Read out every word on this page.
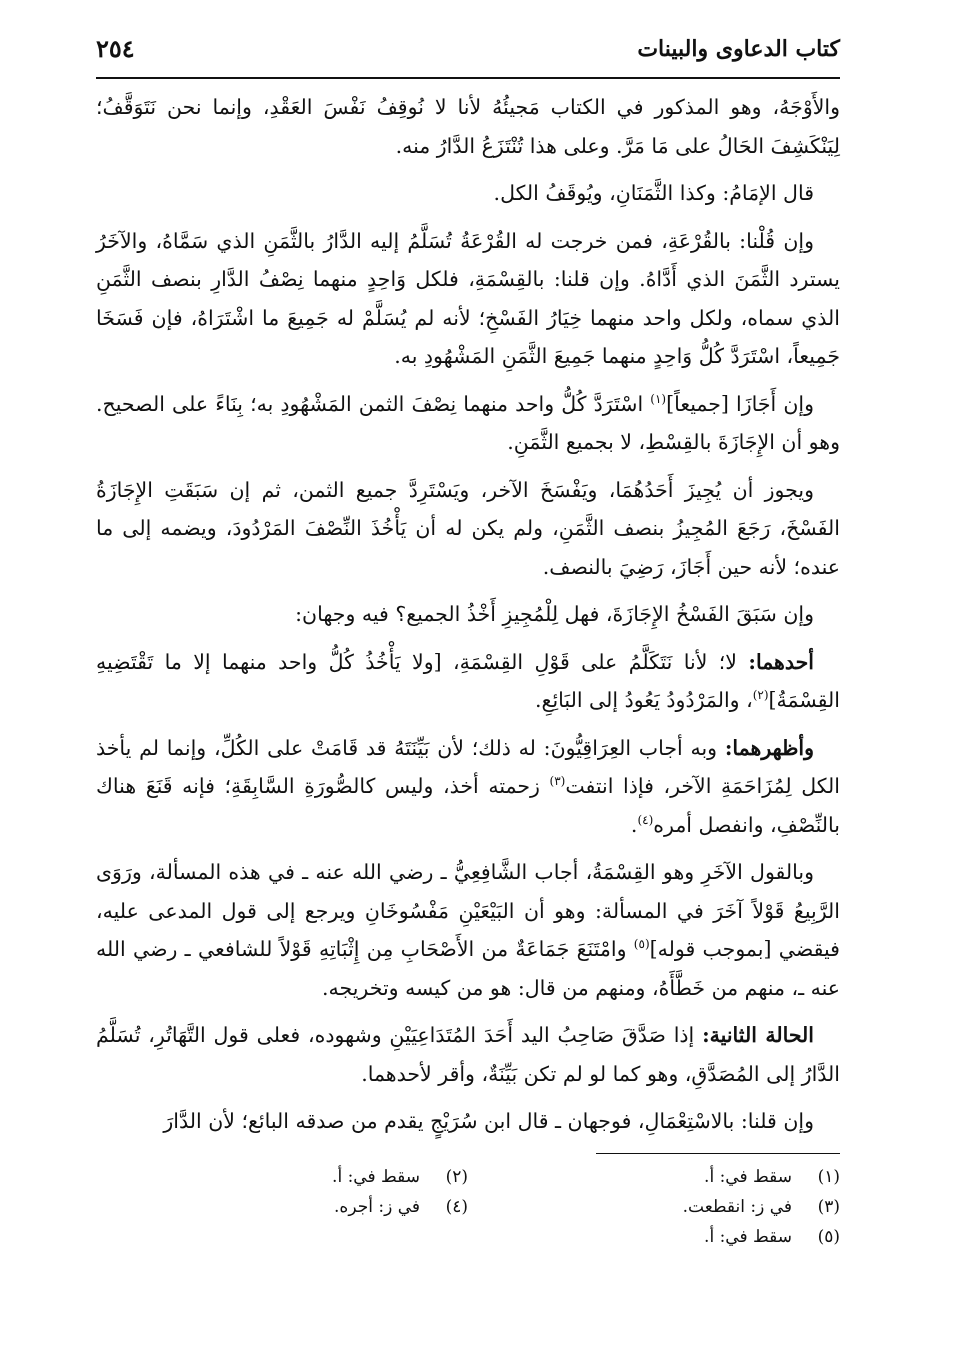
كتاب الدعاوى والبينات
٢٥٤

والأَوْجَهُ، وهو المذكور في الكتاب مَجيئُهُ لأنا لا نُوقِفُ نَفْسَ العَقْدِ، وإنما نحن نَتَوَقَّفُ؛ لِيَنْكَشِفَ الحَالُ على مَا مَرَّ. وعلى هذا تُنْتَزَعُ الدَّارُ منه.

قال الإمَامُ: وكذا الثَّمَنَانِ، ويُوقَفُ الكل.

وإن قُلْنا: بالقُرْعَةِ، فمن خرجت له القُرْعَةُ تُسَلَّمُ إليه الدَّارُ بالثَّمَنِ الذي سَمَّاهُ، والآخَرُ يسترد الثَّمَنَ الذي أَدَّاهُ. وإن قلنا: بالقِسْمَةِ، فلكل وَاحِدٍ منهما نِصْفُ الدَّارِ بنصف الثَّمَنِ الذي سماه، ولكل واحد منهما خِيَارُ الفَسْخِ؛ لأنه لم يُسَلَّمْ له جَمِيعَ ما اشْتَرَاهُ، فإن فَسَخَا جَمِيعاً، اسْتَرَدَّ كُلُّ وَاحِدٍ منهما جَمِيعَ الثَّمَنِ المَشْهُودِ به.

وإن أَجَازَا [جميعاً]$^{(١)}$ اسْتَرَدَّ كُلُّ واحد منهما نِصْفَ الثمن المَشْهُودِ به؛ بِنَاءً على الصحيح. وهو أن الإِجَازَةَ بالقِسْطِ، لا بجميع الثَّمَنِ.

ويجوز أن يُجِيزَ أَحَدُهُمَا، ويَفْسَخَ الآخر، ويَسْتَرِدَّ جميع الثمن، ثم إن سَبَقَتِ الإِجَازَةُ الفَسْخَ، رَجَعَ المُجِيزُ بنصف الثَّمَنِ، ولم يكن له أن يَأْخُذَ النِّصْفَ المَرْدُودَ، ويضمه إلى ما عنده؛ لأنه حين أَجَازَ، رَضِيَ بالنصف.

وإن سَبَقَ الفَسْخُ الإِجَازَةَ، فهل لِلْمُجِيزِ أَخْذُ الجميع؟ فيه وجهان:

أحدهما: لا؛ لأنا نَتَكَلَّمُ على قَوْلِ القِسْمَةِ، [ولا يَأْخُذُ كُلُّ واحد منهما إلا ما تَقْتَضِيهِ القِسْمَةُ]$^{(٢)}$، والمَرْدُودُ يَعُودُ إلى البَائِعِ.

وأظهرهما: وبه أجاب العِرَاقِيُّونَ: له ذلك؛ لأن بَيِّنَتَهُ قد قَامَتْ على الكُلِّ، وإنما لم يأخذ الكل لِمُزَاحَمَةِ الآخر، فإذا انتفت$^{(٣)}$ زحمته أخذ، وليس كالصُّورَةِ السَّابِقَةِ؛ فإنه قَنَعَ هناك بالنِّصْفِ، وانفصل أمره$^{(٤)}$.

وبالقول الآخَرِ وهو القِسْمَةُ، أجاب الشَّافِعِيُّ ـ رضي الله عنه ـ في هذه المسألة، ورَوَى الرَّبِيعُ قَوْلاً آخَرَ في المسألة: وهو أن البَيْعَيْنِ مَفْسُوخَانِ ويرجع إلى قول المدعى عليه، فيقضي [بموجب قوله]$^{(٥)}$ وامْتَنَعَ جَمَاعَةٌ من الأَصْحَابِ مِن إِثْبَاتِهِ قَوْلاً للشافعي ـ رضي الله عنه ـ، منهم من خَطَّأَهُ، ومنهم من قال: هو من كيسه وتخريجه.

الحالة الثانية: إذا صَدَّقَ صَاحِبُ اليد أَحَدَ المُتَدَاعِيَيْنِ وشهوده، فعلى قول التَّهَاتُرِ، تُسَلَّمُ الدَّارُ إلى المُصَدَّقِ، وهو كما لو لم تكن بَيِّنَةٌ، وأقر لأحدهما.

وإن قلنا: بالاسْتِعْمَالِ، فوجهان ـ قال ابن سُرَيْجٍ يقدم من صدقه البائع؛ لأن الدَّارَ

(١)
سقط في: أ.
(٢)
سقط في: أ.
(٣)
في ز: انقطعت.
(٤)
في ز: أجره.
(٥)
سقط في: أ.
